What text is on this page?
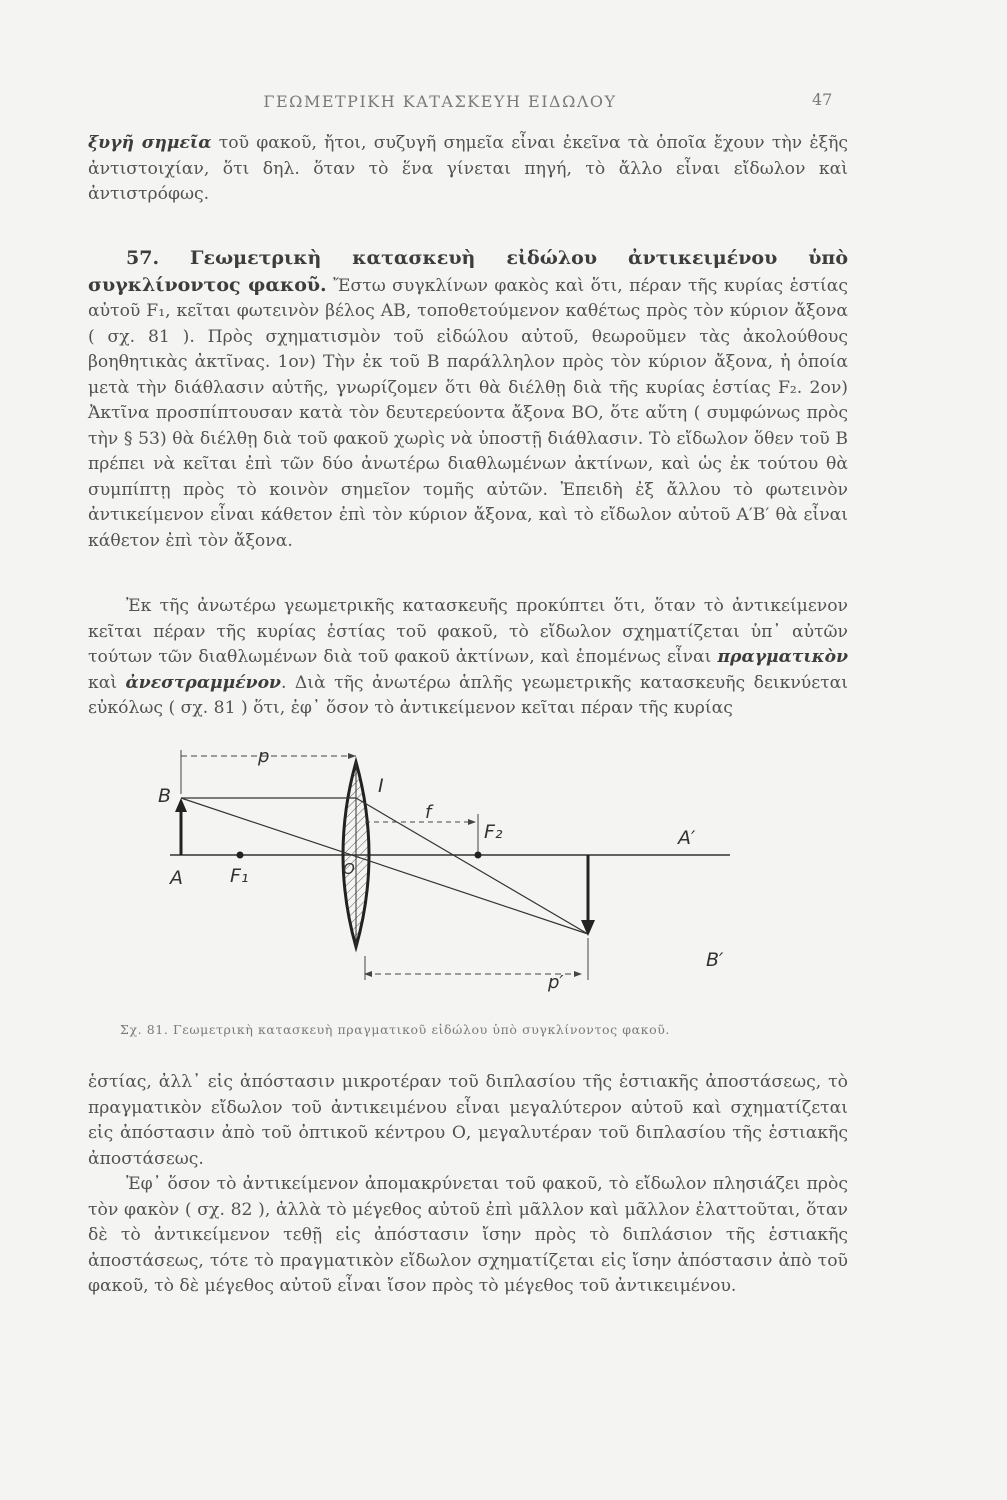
ΓΕΩΜΕΤΡΙΚΗ ΚΑΤΑΣΚΕΥΗ ΕΙΔΩΛΟΥ	47

ξυγῆ σημεῖα τοῦ φακοῦ, ἤτοι, συζυγῆ σημεῖα εἶναι ἐκεῖνα τὰ ὁποῖα ἔχουν τὴν ἐξῆς ἀντιστοιχίαν, ὅτι δηλ. ὅταν τὸ ἕνα γίνεται πηγή, τὸ ἄλλο εἶναι εἴδωλον καὶ ἀντιστρόφως.

57. Γεωμετρικὴ κατασκευὴ εἰδώλου ἀντικειμένου ὑπὸ συγκλίνοντος φακοῦ. Ἔστω συγκλίνων φακὸς καὶ ὅτι, πέραν τῆς κυρίας ἑστίας αὐτοῦ F₁, κεῖται φωτεινὸν βέλος ΑΒ, τοποθετούμενον καθέτως πρὸς τὸν κύριον ἄξονα ( σχ. 81 ). Πρὸς σχηματισμὸν τοῦ εἰδώλου αὐτοῦ, θεωροῦμεν τὰς ἀκολούθους βοηθητικὰς ἀκτῖνας. 1ον) Τὴν ἐκ τοῦ Β παράλληλον πρὸς τὸν κύριον ἄξονα, ἡ ὁποία μετὰ τὴν διάθλασιν αὐτῆς, γνωρίζομεν ὅτι θὰ διέλθῃ διὰ τῆς κυρίας ἑστίας F₂. 2ον) Ἀκτῖνα προσπίπτουσαν κατὰ τὸν δευτερεύοντα ἄξονα ΒΟ, ὅτε αὕτη ( συμφώνως πρὸς τὴν § 53) θὰ διέλθῃ διὰ τοῦ φακοῦ χωρὶς νὰ ὑποστῇ διάθλασιν. Τὸ εἴδωλον ὅθεν τοῦ Β πρέπει νὰ κεῖται ἐπὶ τῶν δύο ἀνωτέρω διαθλωμένων ἀκτίνων, καὶ ὡς ἐκ τούτου θὰ συμπίπτῃ πρὸς τὸ κοινὸν σημεῖον τομῆς αὐτῶν. Ἐπειδὴ ἐξ ἄλλου τὸ φωτεινὸν ἀντικείμενον εἶναι κάθετον ἐπὶ τὸν κύριον ἄξονα, καὶ τὸ εἴδωλον αὐτοῦ Α′Β′ θὰ εἶναι κάθετον ἐπὶ τὸν ἄξονα.

Ἐκ τῆς ἀνωτέρω γεωμετρικῆς κατασκευῆς προκύπτει ὅτι, ὅταν τὸ ἀντικείμενον κεῖται πέραν τῆς κυρίας ἑστίας τοῦ φακοῦ, τὸ εἴδωλον σχηματίζεται ὑπ᾿ αὐτῶν τούτων τῶν διαθλωμένων διὰ τοῦ φακοῦ ἀκτίνων, καὶ ἑπομένως εἶναι πραγματικὸν καὶ ἀνεστραμμένον. Διὰ τῆς ἀνωτέρω ἁπλῆς γεωμετρικῆς κατασκευῆς δεικνύεται εὐκόλως ( σχ. 81 ) ὅτι, ἐφ᾿ ὅσον τὸ ἀντικείμενον κεῖται πέραν τῆς κυρίας

p
B
A F₁	O
I
f
F₂	A′
B′
p′
Σχ. 81. Γεωμετρικὴ κατασκευὴ πραγματικοῦ εἰδώλου ὑπὸ συγκλίνοντος φακοῦ.

ἑστίας, ἀλλ᾿ εἰς ἀπόστασιν μικροτέραν τοῦ διπλασίου τῆς ἑστιακῆς ἀποστάσεως, τὸ πραγματικὸν εἴδωλον τοῦ ἀντικειμένου εἶναι μεγαλύτερον αὐτοῦ καὶ σχηματίζεται εἰς ἀπόστασιν ἀπὸ τοῦ ὀπτικοῦ κέντρου Ο, μεγαλυτέραν τοῦ διπλασίου τῆς ἑστιακῆς ἀποστάσεως.

Ἐφ᾿ ὅσον τὸ ἀντικείμενον ἀπομακρύνεται τοῦ φακοῦ, τὸ εἴδωλον πλησιάζει πρὸς τὸν φακὸν ( σχ. 82 ), ἀλλὰ τὸ μέγεθος αὐτοῦ ἐπὶ μᾶλλον καὶ μᾶλλον ἐλαττοῦται, ὅταν δὲ τὸ ἀντικείμενον τεθῇ εἰς ἀπόστασιν ἴσην πρὸς τὸ διπλάσιον τῆς ἑστιακῆς ἀποστάσεως, τότε τὸ πραγματικὸν εἴδωλον σχηματίζεται εἰς ἴσην ἀπόστασιν ἀπὸ τοῦ φακοῦ, τὸ δὲ μέγεθος αὐτοῦ εἶναι ἴσον πρὸς τὸ μέγεθος τοῦ ἀντικειμένου.
